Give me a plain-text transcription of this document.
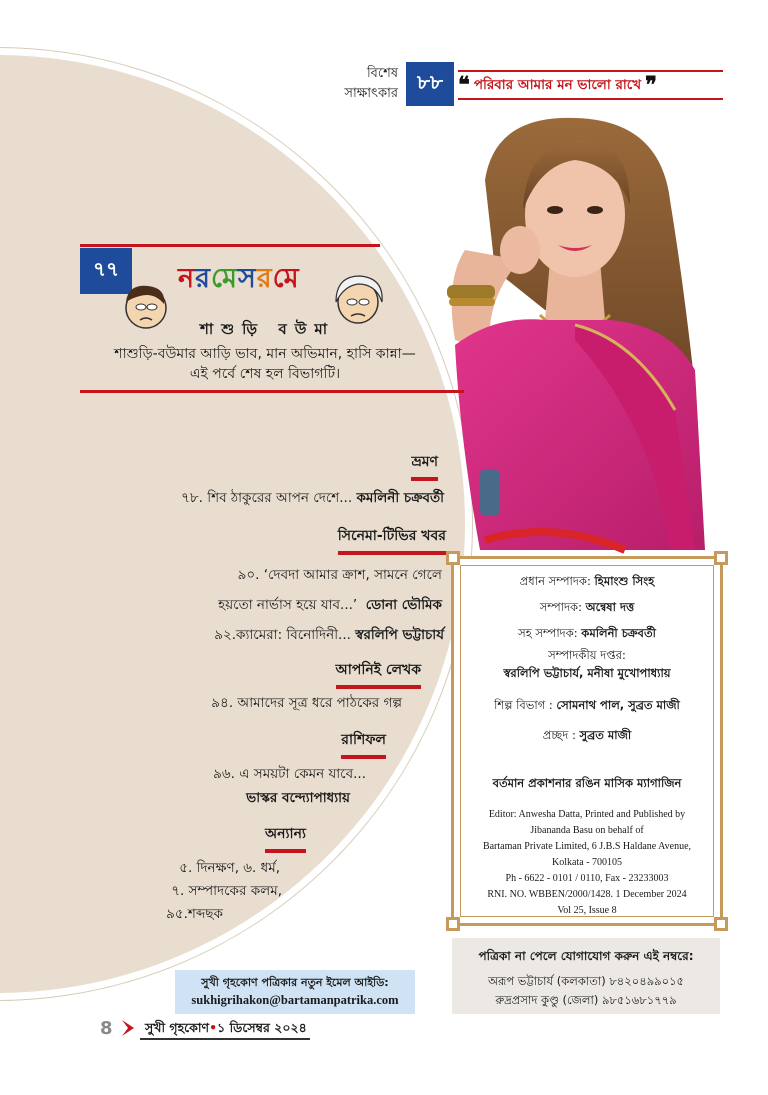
বিশেষ
সাক্ষাৎকার ৮৮ ❝ পরিবার আমার মন ভালো রাখে ❞
৭৭	নরমেসরমে
শাশুড়ি বউমা
শাশুড়ি-বউমার আড়ি ভাব, মান অভিমান, হাসি কান্না—
এই পর্বে শেষ হল বিভাগটি।
ভ্রমণ
৭৮. শিব ঠাকুরের আপন দেশে... কমলিনী চক্রবর্তী
সিনেমা-টিভির খবর
৯০. ‘দেবদা আমার ক্রাশ, সামনে গেলে
হয়তো নার্ভাস হয়ে যাব...’ ডোনা ভৌমিক
৯২.ক্যামেরা: বিনোদিনী... স্বরলিপি ভট্টাচার্য
আপনিই লেখক
৯৪. আমাদের সূত্র ধরে পাঠকের গল্প
রাশিফল
৯৬. এ সময়টা কেমন যাবে...
ভাস্কর বন্দ্যোপাধ্যায়
অন্যান্য
৫. দিনক্ষণ, ৬. ধর্ম,
৭. সম্পাদকের কলম,
৯৫.শব্দছক
প্রধান সম্পাদক: হিমাংশু সিংহ
সম্পাদক: অন্বেষা দত্ত
সহ সম্পাদক: কমলিনী চক্রবর্তী
সম্পাদকীয় দপ্তর:
স্বরলিপি ভট্টাচার্য, মনীষা মুখোপাধ্যায়
শিল্প বিভাগ : সোমনাথ পাল, সুব্রত মাজী
প্রচ্ছদ : সুব্রত মাজী
বর্তমান প্রকাশনার রঙিন মাসিক ম্যাগাজিন
Editor: Anwesha Datta, Printed and Published by
Jibananda Basu on behalf of
Bartaman Private Limited, 6 J.B.S Haldane Avenue,
Kolkata - 700105
Ph - 6622 - 0101 / 0110, Fax - 23233003
RNI. NO. WBBEN/2000/1428. 1 December 2024
Vol 25, Issue 8
পত্রিকা না পেলে যোগাযোগ করুন এই নম্বরে:
অরূপ ভট্টাচার্য (কলকাতা) ৮৪২০৪৯৯০১৫
রুদ্রপ্রসাদ কুণ্ডু (জেলা) ৯৮৫১৬৮১৭৭৯
সুখী গৃহকোণ পত্রিকার নতুন ইমেল আইডি:
sukhigrihakon@bartamanpatrika.com
8	সুখী গৃহকোণ•১ ডিসেম্বর ২০২৪
